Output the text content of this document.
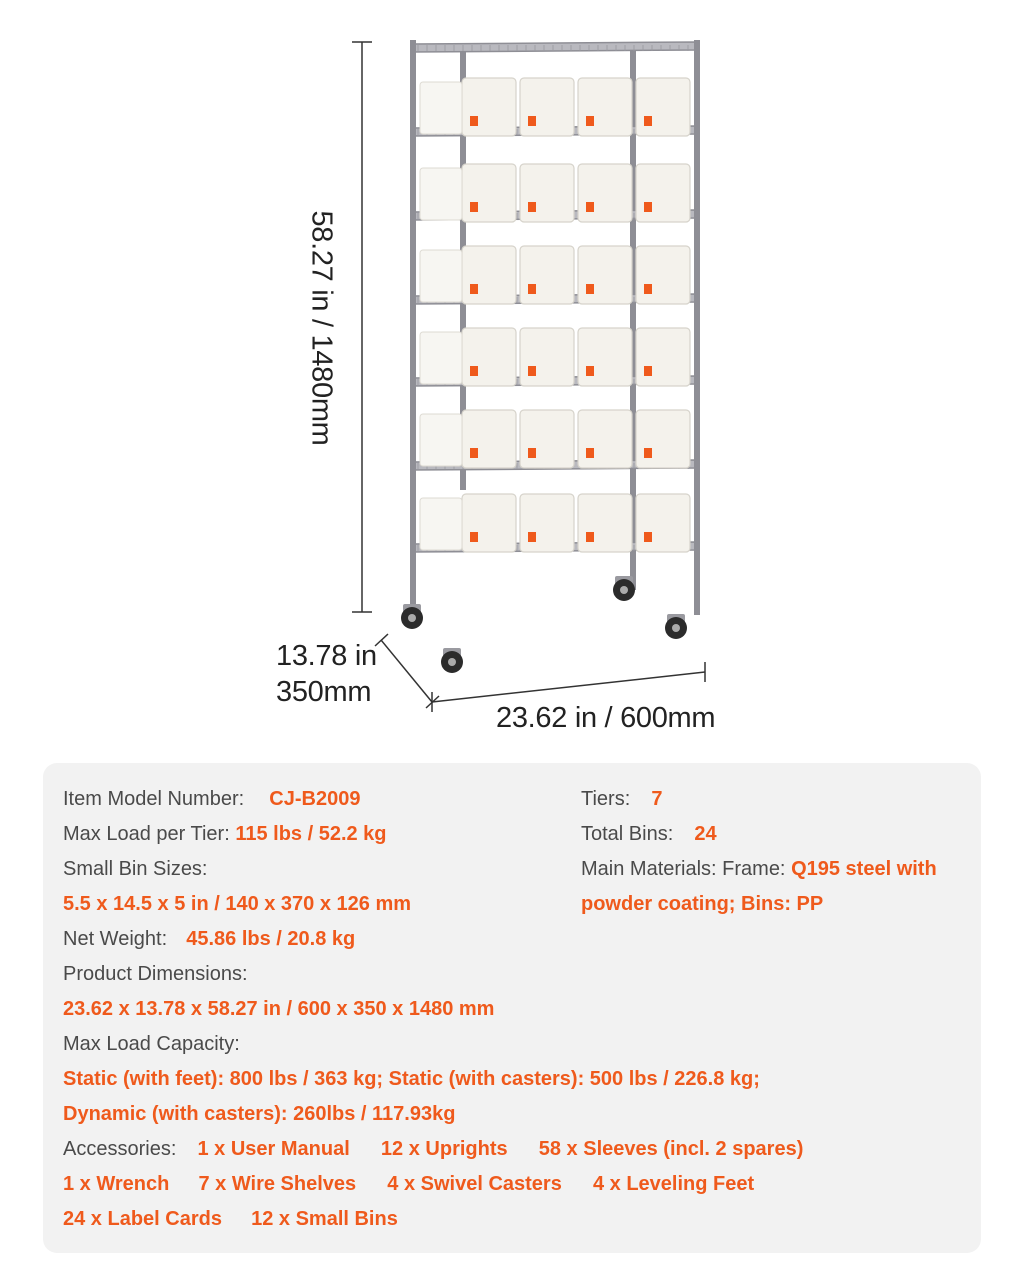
58.27 in / 1480mm
13.78 in
350mm
23.62 in / 600mm
Item Model Number: CJ-B2009
Max Load per Tier: 115 lbs / 52.2 kg
Small Bin Sizes:
5.5 x 14.5 x 5 in / 140 x 370 x 126 mm
Net Weight: 45.86 lbs / 20.8 kg
Product Dimensions:
23.62 x 13.78 x 58.27 in / 600 x 350 x 1480 mm
Max Load Capacity:
Static (with feet): 800 lbs / 363 kg; Static (with casters): 500 lbs / 226.8 kg;
Dynamic (with casters): 260lbs / 117.93kg
Tiers: 7
Total Bins: 24
Main Materials: Frame: Q195 steel with
powder coating; Bins: PP
Accessories: 1 x User Manual 12 x Uprights 58 x Sleeves (incl. 2 spares)
1 x Wrench 7 x Wire Shelves 4 x Swivel Casters 4 x Leveling Feet
24 x Label Cards 12 x Small Bins
